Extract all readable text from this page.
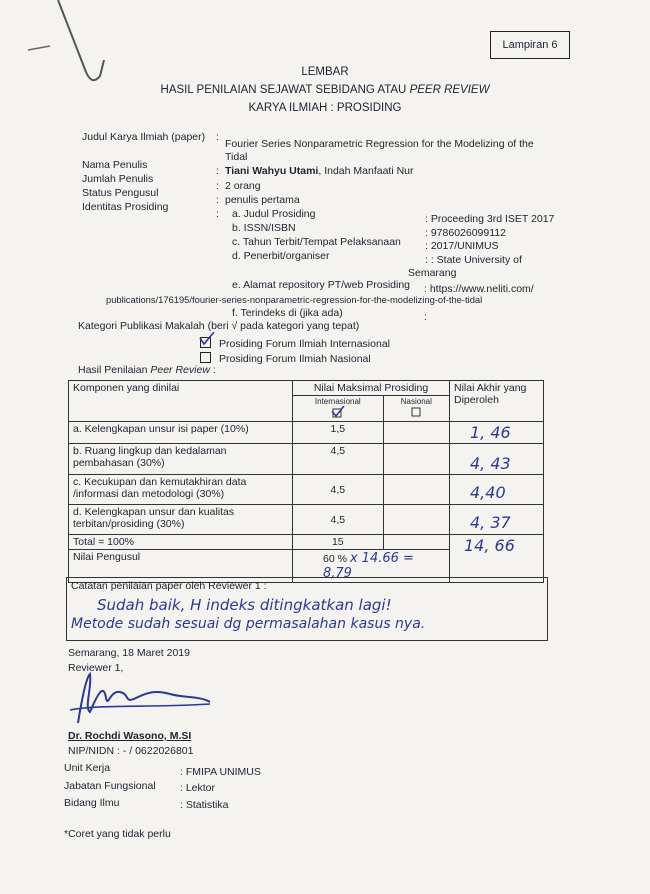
Lampiran 6
LEMBAR
HASIL PENILAIAN SEJAWAT SEBIDANG ATAU PEER REVIEW
KARYA ILMIAH : PROSIDING
Judul Karya Ilmiah (paper) :
Fourier Series Nonparametric Regression for the Modelizing of the
Tidal
Nama Penulis	: Tiani Wahyu Utami, Indah Manfaati Nur
Jumlah Penulis
: 2 orang
Status Pengusul
: penulis pertama
Identitas Prosiding
: a. Judul Prosiding	: Proceeding 3rd ISET 2017
b. ISSN/ISBN	: 9786026099112
c. Tahun Terbit/Tempat Pelaksanaan : 2017/UNIMUS
d. Penerbit/organiser	: : State University of
Semarang
e. Alamat repository PT/web Prosiding : https://www.neliti.com/
publications/176195/fourier-series-nonparametric-regression-for-the-modelizing-of-the-tidal
f. Terindeks di (jika ada)	:
Kategori Publikasi Makalah (beri √ pada kategori yang tepat)
Prosiding Forum Ilmiah Internasional
Prosiding Forum Ilmiah Nasional
Hasil Penilaian Peer Review :
Komponen yang dinilai	Nilai Maksimal Prosiding		Nilai Akhir yang
Diperoleh

	Internasional	Nasional	

a. Kelengkapan unsur isi paper (10%)	1,5		1, 46
b. Ruang lingkup dan kedalaman pembahasan (30%)	4,5		4, 43
c. Kecukupan dan kemutakhiran data /informasi dan metodologi (30%)	4,5		4,40
d. Kelengkapan unsur dan kualitas terbitan/prosiding (30%)	4,5		4, 37
Total = 100%	15		14, 66
Nilai Pengusul	60 % x 14.66 = 8,79		
Catatan penilaian paper oleh Reviewer 1 :
Sudah baik, H indeks ditingkatkan lagi!
Metode sudah sesuai dg permasalahan kasus nya.
Semarang, 18 Maret 2019
Reviewer 1,
Dr. Rochdi Wasono, M.SI
NIP/NIDN : - / 0622026801
Unit Kerja	: FMIPA UNIMUS
Jabatan Fungsional : Lektor
Bidang Ilmu	: Statistika
*Coret yang tidak perlu
